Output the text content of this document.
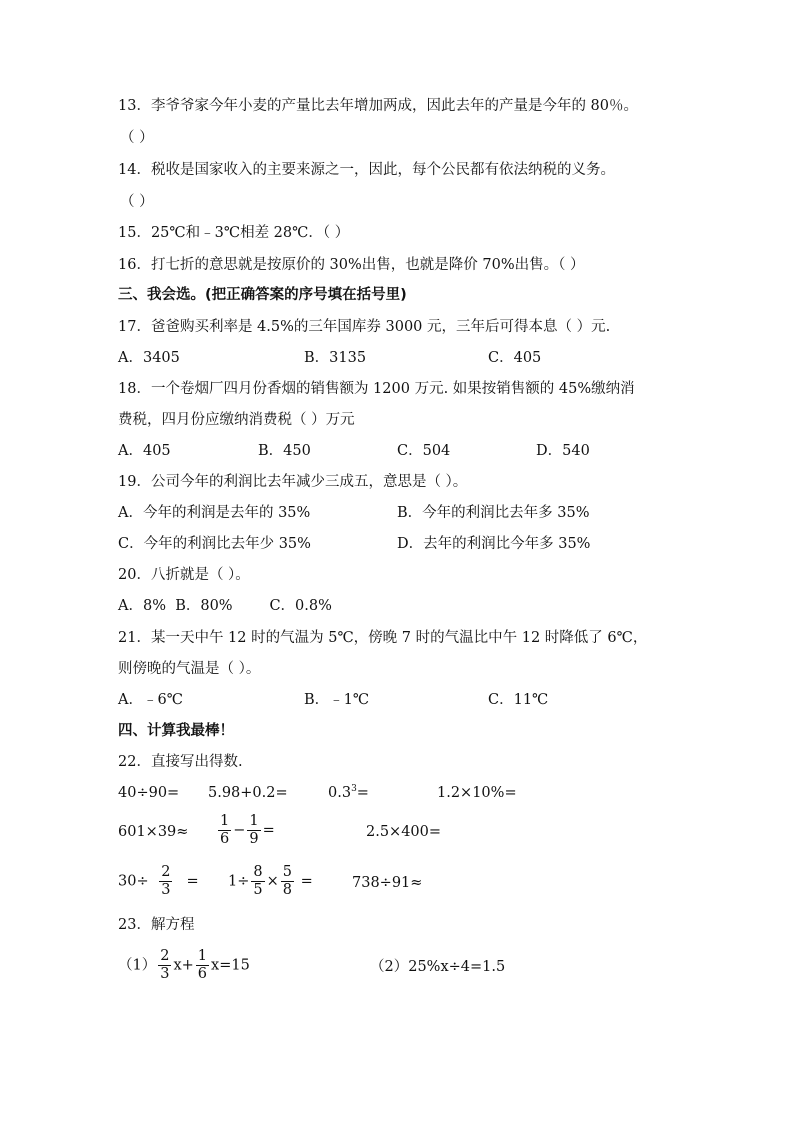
13．李爷爷家今年小麦的产量比去年增加两成，因此去年的产量是今年的 80％。
（ ）
14．税收是国家收入的主要来源之一，因此，每个公民都有依法纳税的义务。
（ ）
15．25℃和﹣3℃相差 28℃．（ ）
16．打七折的意思就是按原价的 30%出售，也就是降价 70%出售。（ ）
三、我会选。(把正确答案的序号填在括号里)
17．爸爸购买利率是 4.5%的三年国库券 3000 元，三年后可得本息（ ）元.
A．3405	B．3135	C．405
18．一个卷烟厂四月份香烟的销售额为 1200 万元. 如果按销售额的 45%缴纳消
费税，四月份应缴纳消费税（ ）万元
A．405	B．450	C．504	D．540
19．公司今年的利润比去年减少三成五，意思是（ ）。
A．今年的利润是去年的 35%	B．今年的利润比去年多 35%
C．今年的利润比去年少 35%	D．去年的利润比今年多 35%
20．八折就是（ ）。
A．8%  B．80%        C．0.8%
21．某一天中午 12 时的气温为 5℃，傍晚 7 时的气温比中午 12 时降低了 6℃，
则傍晚的气温是（ ）。
A．﹣6℃	B．﹣1℃	C．11℃
四、计算我最棒！
22．直接写出得数.
40÷90= 5.98+0.2=	$0.3^3=$	1.2×10%=
$601\times 39\approx \frac{1}{6} - \frac{1}{9}$ =	2.5×400=
$30\div \frac{2}{3} = 1\div \frac{8}{5} \times \frac{5}{8}$ =	738÷91≈
23．解方程
$(1) \frac{2}{3} x+ \frac{1}{6} x=15$	（2）25%x÷4=1.5
